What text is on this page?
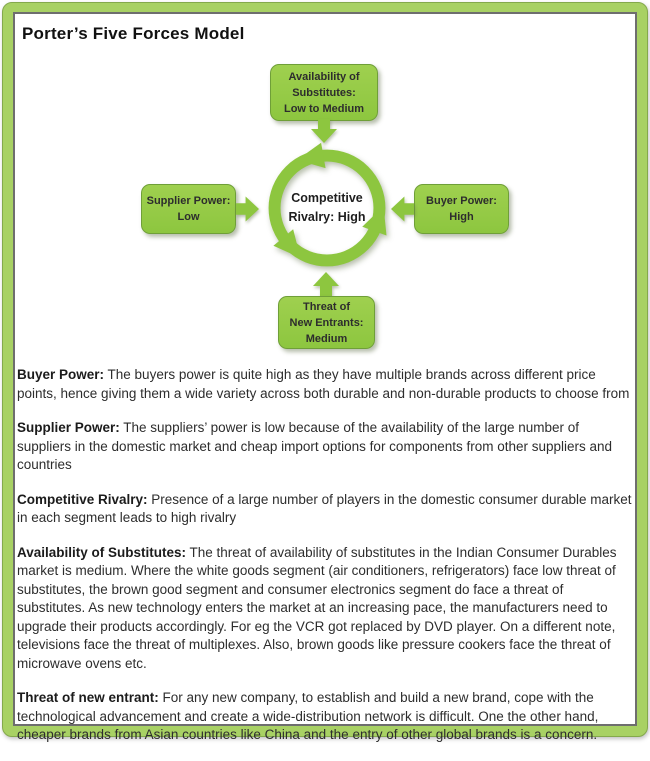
Porter’s Five Forces Model
Availability of
Substitutes:
Low to Medium
Supplier Power:
Low
Buyer Power:
High
Competitive
Rivalry: High
Threat of
New Entrants:
Medium

Buyer Power: The buyers power is quite high as they have multiple brands across different price points, hence giving them a wide variety across both durable and non-durable products to choose from

Supplier Power: The suppliers’ power is low because of the availability of the large number of suppliers in the domestic market and cheap import options for components from other suppliers and countries

Competitive Rivalry: Presence of a large number of players in the domestic consumer durable market in each segment leads to high rivalry

Availability of Substitutes: The threat of availability of substitutes in the Indian Consumer Durables market is medium. Where the white goods segment (air conditioners, refrigerators) face low threat of substitutes, the brown good segment and consumer electronics segment do face a threat of substitutes. As new technology enters the market at an increasing pace, the manufacturers need to upgrade their products accordingly. For eg the VCR got replaced by DVD player. On a different note, televisions face the threat of multiplexes. Also, brown goods like pressure cookers face the threat of microwave ovens etc.

Threat of new entrant: For any new company, to establish and build a new brand, cope with the technological advancement and create a wide-distribution network is difficult. One the other hand, cheaper brands from Asian countries like China and the entry of other global brands is a concern.
